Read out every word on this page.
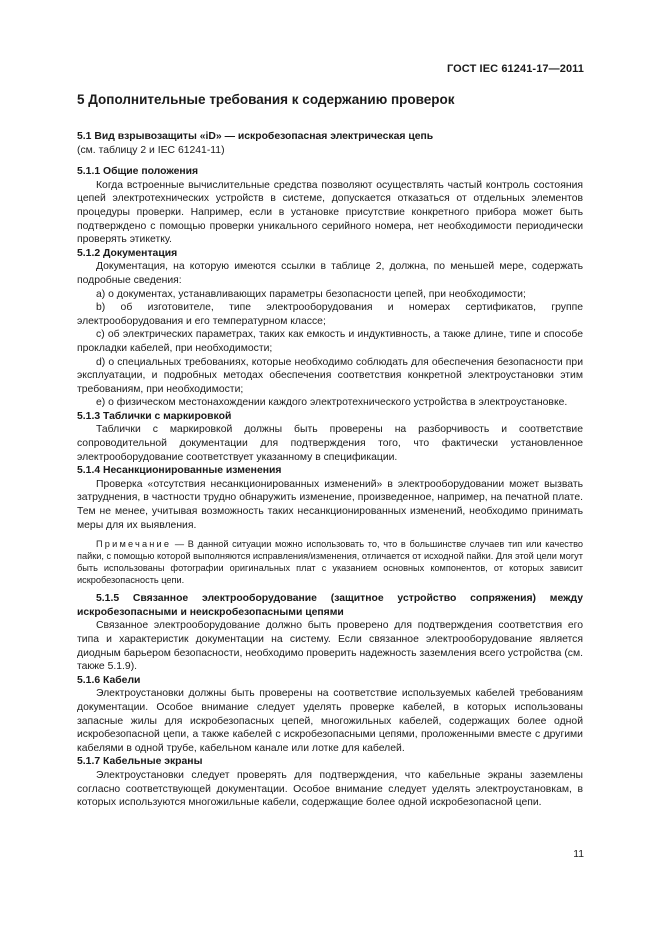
ГОСТ IEC 61241-17—2011
5 Дополнительные требования к содержанию проверок

5.1 Вид взрывозащиты «iD» — искробезопасная электрическая цепь

(см. таблицу 2 и IEC 61241-11)

5.1.1 Общие положения

Когда встроенные вычислительные средства позволяют осуществлять частый контроль состояния цепей электротехнических устройств в системе, допускается отказаться от отдельных элементов процедуры проверки. Например, если в установке присутствие конкретного прибора может быть подтверждено с помощью проверки уникального серийного номера, нет необходимости периодически проверять этикетку.

5.1.2 Документация

Документация, на которую имеются ссылки в таблице 2, должна, по меньшей мере, содержать подробные сведения:

a) о документах, устанавливающих параметры безопасности цепей, при необходимости;

b) об изготовителе, типе электрооборудования и номерах сертификатов, группе электрооборудования и его температурном классе;

c) об электрических параметрах, таких как емкость и индуктивность, а также длине, типе и способе прокладки кабелей, при необходимости;

d) о специальных требованиях, которые необходимо соблюдать для обеспечения безопасности при эксплуатации, и подробных методах обеспечения соответствия конкретной электроустановки этим требованиям, при необходимости;

e) о физическом местонахождении каждого электротехнического устройства в электроустановке.

5.1.3 Таблички с маркировкой

Таблички с маркировкой должны быть проверены на разборчивость и соответствие сопроводительной документации для подтверждения того, что фактически установленное электрооборудование соответствует указанному в спецификации.

5.1.4 Несанкционированные изменения

Проверка «отсутствия несанкционированных изменений» в электрооборудовании может вызвать затруднения, в частности трудно обнаружить изменение, произведенное, например, на печатной плате. Тем не менее, учитывая возможность таких несанкционированных изменений, необходимо принимать меры для их выявления.

Примечание — В данной ситуации можно использовать то, что в большинстве случаев тип или качество пайки, с помощью которой выполняются исправления/изменения, отличается от исходной пайки. Для этой цели могут быть использованы фотографии оригинальных плат с указанием основных компонентов, от которых зависит искробезопасность цепи.

5.1.5 Связанное электрооборудование (защитное устройство сопряжения) между искробезопасными и неискробезопасными цепями

Связанное электрооборудование должно быть проверено для подтверждения соответствия его типа и характеристик документации на систему. Если связанное электрооборудование является диодным барьером безопасности, необходимо проверить надежность заземления всего устройства (см. также 5.1.9).

5.1.6 Кабели

Электроустановки должны быть проверены на соответствие используемых кабелей требованиям документации. Особое внимание следует уделять проверке кабелей, в которых использованы запасные жилы для искробезопасных цепей, многожильных кабелей, содержащих более одной искробезопасной цепи, а также кабелей с искробезопасными цепями, проложенными вместе с другими кабелями в одной трубе, кабельном канале или лотке для кабелей.

5.1.7 Кабельные экраны

Электроустановки следует проверять для подтверждения, что кабельные экраны заземлены согласно соответствующей документации. Особое внимание следует уделять электроустановкам, в которых используются многожильные кабели, содержащие более одной искробезопасной цепи.

11
